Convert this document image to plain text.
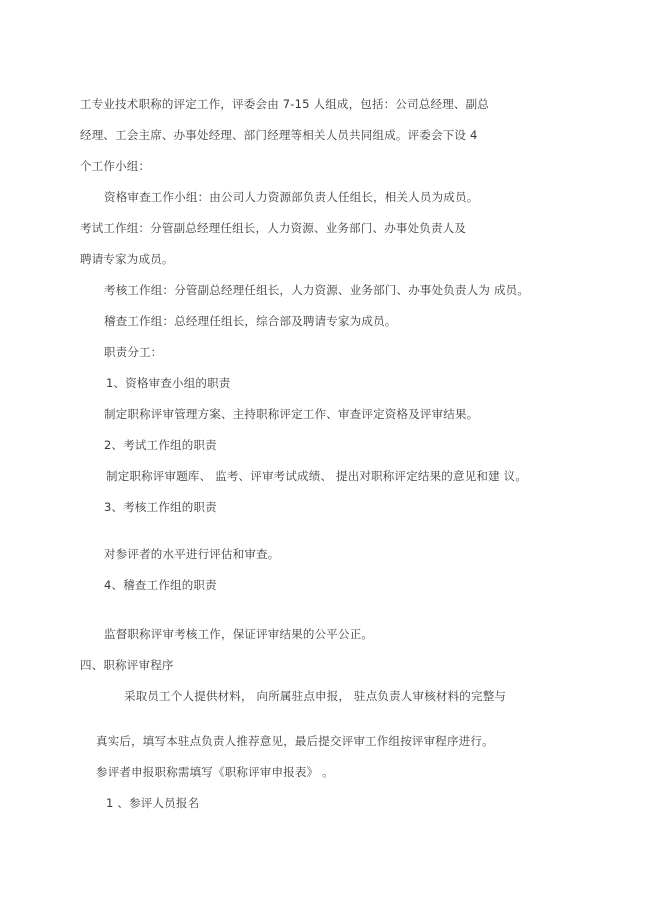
工专业技术职称的评定工作，评委会由 7-15 人组成，包括：公司总经理、副总
经理、工会主席、办事处经理、部门经理等相关人员共同组成。评委会下设 4
个工作小组：
资格审查工作小组：由公司人力资源部负责人任组长，相关人员为成员。
考试工作组：分管副总经理任组长，人力资源、业务部门、办事处负责人及
聘请专家为成员。
考核工作组：分管副总经理任组长，人力资源、业务部门、办事处负责人为 成员。
稽查工作组：总经理任组长，综合部及聘请专家为成员。
职责分工：
1、资格审查小组的职责
制定职称评审管理方案、主持职称评定工作、审查评定资格及评审结果。
2、考试工作组的职责
制定职称评审题库、 监考、评审考试成绩、 提出对职称评定结果的意见和建 议。
3、考核工作组的职责
对参评者的水平进行评估和审查。
4、稽查工作组的职责
监督职称评审考核工作，保证评审结果的公平公正。
四、职称评审程序
采取员工个人提供材料， 向所属驻点申报， 驻点负责人审核材料的完整与
真实后，填写本驻点负责人推荐意见，最后提交评审工作组按评审程序进行。
参评者申报职称需填写《职称评审申报表》 。
1 、参评人员报名
